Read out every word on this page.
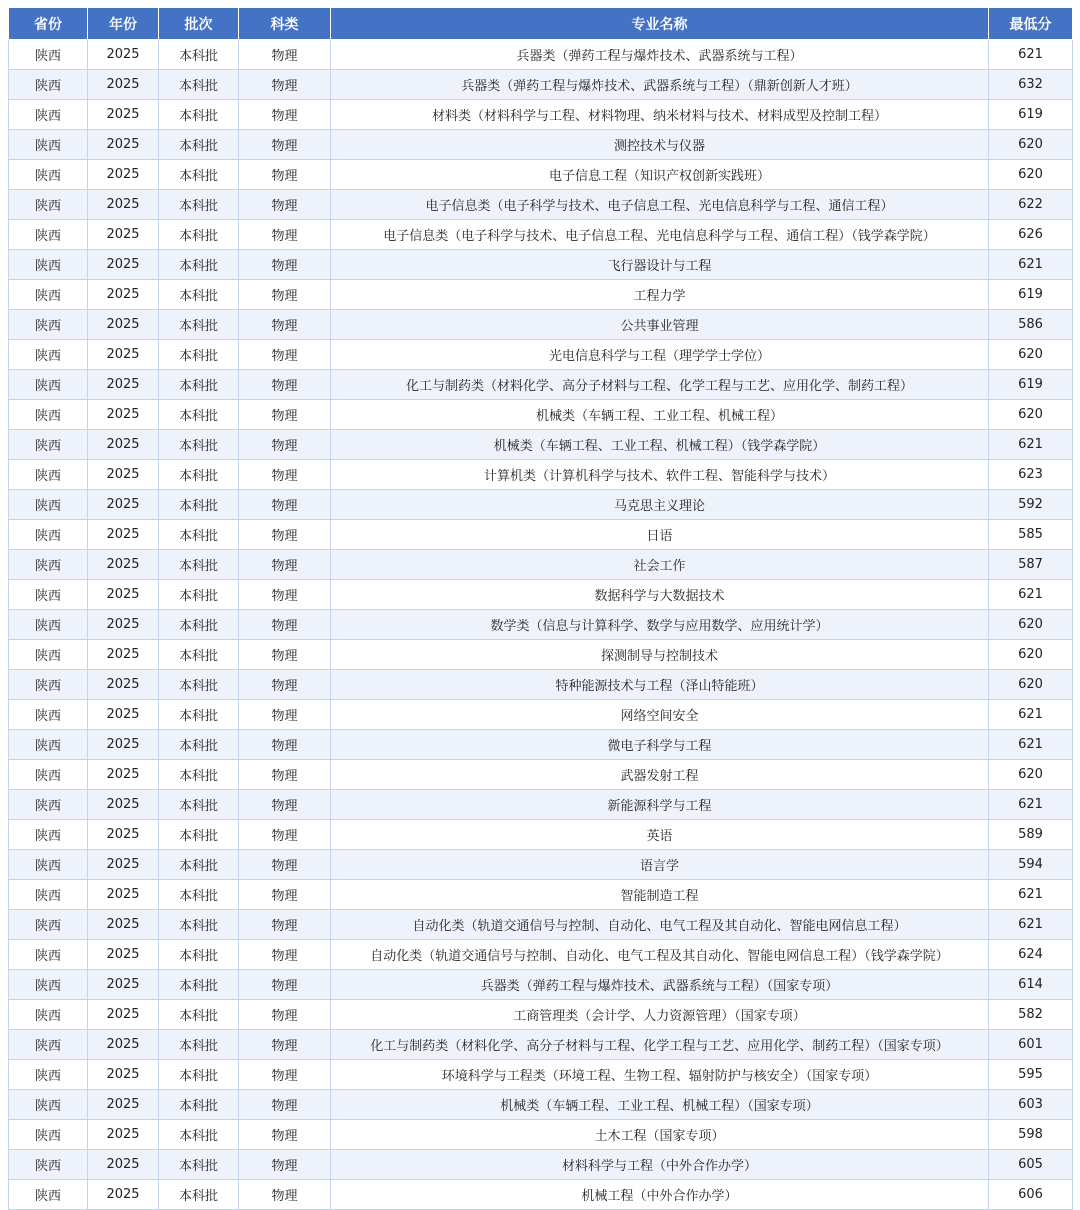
省份	年份	批次	科类	专业名称	最低分
陕西	2025	本科批	物理	兵器类（弹药工程与爆炸技术、武器系统与工程）	621
陕西	2025	本科批	物理	兵器类（弹药工程与爆炸技术、武器系统与工程）（鼎新创新人才班）	632
陕西	2025	本科批	物理	材料类（材料科学与工程、材料物理、纳米材料与技术、材料成型及控制工程）	619
陕西	2025	本科批	物理	测控技术与仪器	620
陕西	2025	本科批	物理	电子信息工程（知识产权创新实践班）	620
陕西	2025	本科批	物理	电子信息类（电子科学与技术、电子信息工程、光电信息科学与工程、通信工程）	622
陕西	2025	本科批	物理	电子信息类（电子科学与技术、电子信息工程、光电信息科学与工程、通信工程）（钱学森学院）	626
陕西	2025	本科批	物理	飞行器设计与工程	621
陕西	2025	本科批	物理	工程力学	619
陕西	2025	本科批	物理	公共事业管理	586
陕西	2025	本科批	物理	光电信息科学与工程（理学学士学位）	620
陕西	2025	本科批	物理	化工与制药类（材料化学、高分子材料与工程、化学工程与工艺、应用化学、制药工程）	619
陕西	2025	本科批	物理	机械类（车辆工程、工业工程、机械工程）	620
陕西	2025	本科批	物理	机械类（车辆工程、工业工程、机械工程）（钱学森学院）	621
陕西	2025	本科批	物理	计算机类（计算机科学与技术、软件工程、智能科学与技术）	623
陕西	2025	本科批	物理	马克思主义理论	592
陕西	2025	本科批	物理	日语	585
陕西	2025	本科批	物理	社会工作	587
陕西	2025	本科批	物理	数据科学与大数据技术	621
陕西	2025	本科批	物理	数学类（信息与计算科学、数学与应用数学、应用统计学）	620
陕西	2025	本科批	物理	探测制导与控制技术	620
陕西	2025	本科批	物理	特种能源技术与工程（泽山特能班）	620
陕西	2025	本科批	物理	网络空间安全	621
陕西	2025	本科批	物理	微电子科学与工程	621
陕西	2025	本科批	物理	武器发射工程	620
陕西	2025	本科批	物理	新能源科学与工程	621
陕西	2025	本科批	物理	英语	589
陕西	2025	本科批	物理	语言学	594
陕西	2025	本科批	物理	智能制造工程	621
陕西	2025	本科批	物理	自动化类（轨道交通信号与控制、自动化、电气工程及其自动化、智能电网信息工程）	621
陕西	2025	本科批	物理	自动化类（轨道交通信号与控制、自动化、电气工程及其自动化、智能电网信息工程）（钱学森学院）	624
陕西	2025	本科批	物理	兵器类（弹药工程与爆炸技术、武器系统与工程）（国家专项）	614
陕西	2025	本科批	物理	工商管理类（会计学、人力资源管理）（国家专项）	582
陕西	2025	本科批	物理	化工与制药类（材料化学、高分子材料与工程、化学工程与工艺、应用化学、制药工程）（国家专项）	601
陕西	2025	本科批	物理	环境科学与工程类（环境工程、生物工程、辐射防护与核安全）（国家专项）	595
陕西	2025	本科批	物理	机械类（车辆工程、工业工程、机械工程）（国家专项）	603
陕西	2025	本科批	物理	土木工程（国家专项）	598
陕西	2025	本科批	物理	材料科学与工程（中外合作办学）	605
陕西	2025	本科批	物理	机械工程（中外合作办学）	606
